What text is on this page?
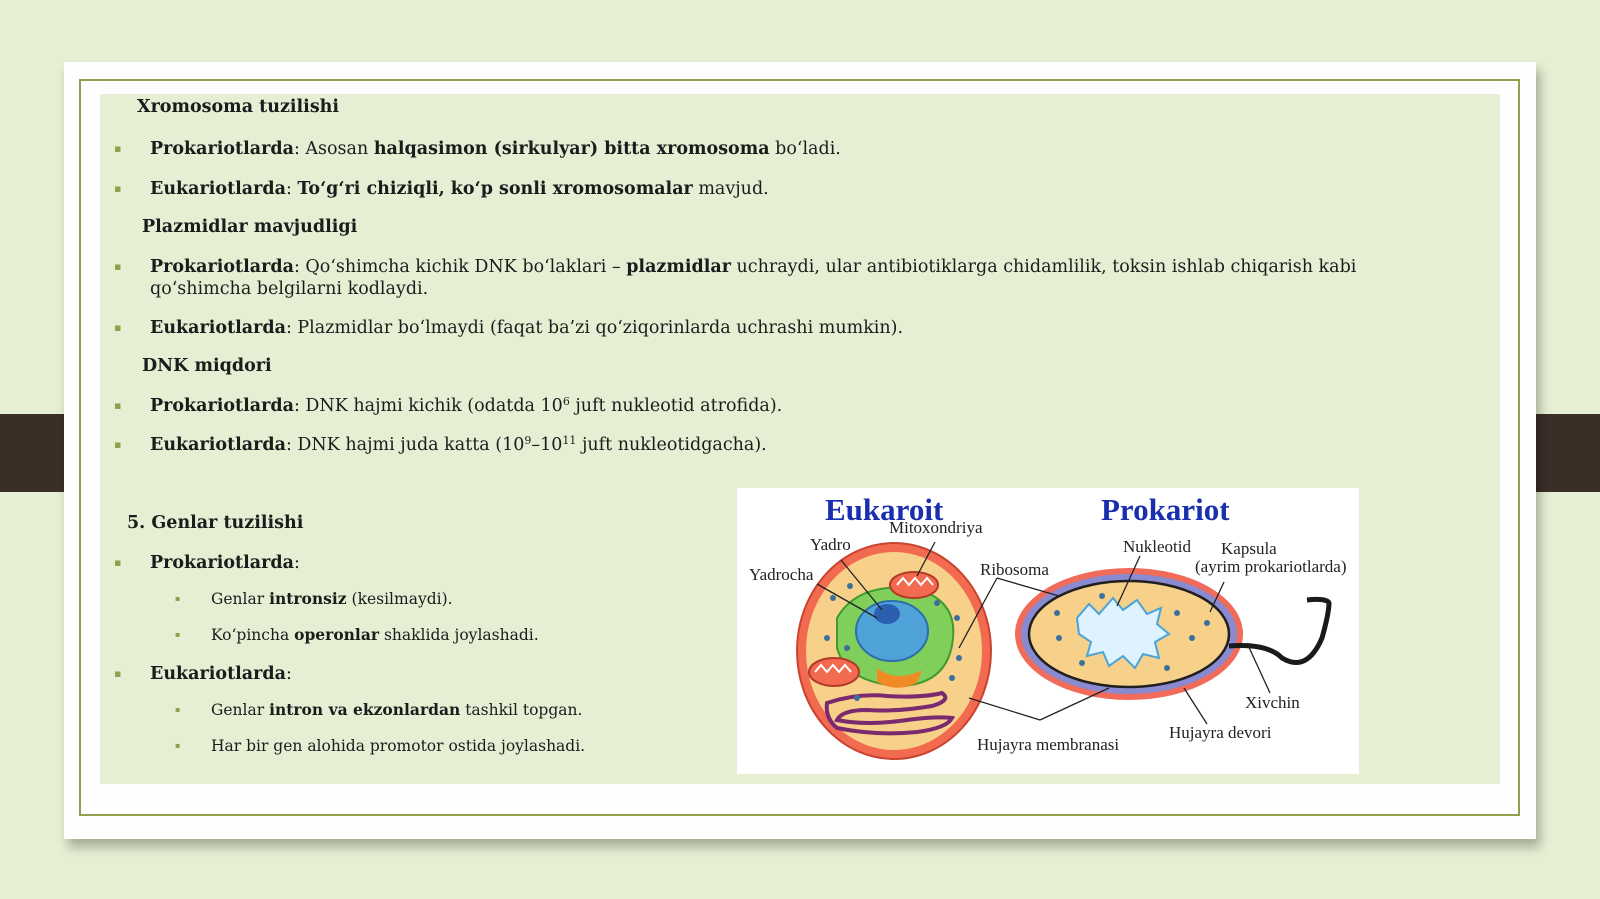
Xromosoma tuzilishi
▪ Prokariotlarda: Asosan halqasimon (sirkulyar) bitta xromosoma bo‘ladi.
▪ Eukariotlarda: To‘g‘ri chiziqli, ko‘p sonli xromosomalar mavjud.
Plazmidlar mavjudligi
▪ Prokariotlarda: Qo‘shimcha kichik DNK bo‘laklari – plazmidlar uchraydi, ular antibiotiklarga chidamlilik, toksin ishlab chiqarish kabi qo‘shimcha belgilarni kodlaydi.
▪ Eukariotlarda: Plazmidlar bo‘lmaydi (faqat ba’zi qo‘ziqorinlarda uchrashi mumkin).
DNK miqdori
▪ Prokariotlarda: DNK hajmi kichik (odatda $10^6$ juft nukleotid atrofida).
▪ Eukariotlarda: DNK hajmi juda katta ($10^9-10^{11}$ juft nukleotidgacha).
5. Genlar tuzilishi
▪ Prokariotlarda:
▪ Genlar intronsiz (kesilmaydi).
▪ Ko‘pincha operonlar shaklida joylashadi.
▪ Eukariotlarda:
▪ Genlar intron va ekzonlardan tashkil topgan.
▪ Har bir gen alohida promotor ostida joylashadi.
Eukaroit	Prokariot
Mitoxondriya
Yadro
Yadrocha	Ribosoma
Nukleotid Kapsula
(ayrim prokariotlarda)
Xivchin
Hujayra devori
Hujayra membranasi
